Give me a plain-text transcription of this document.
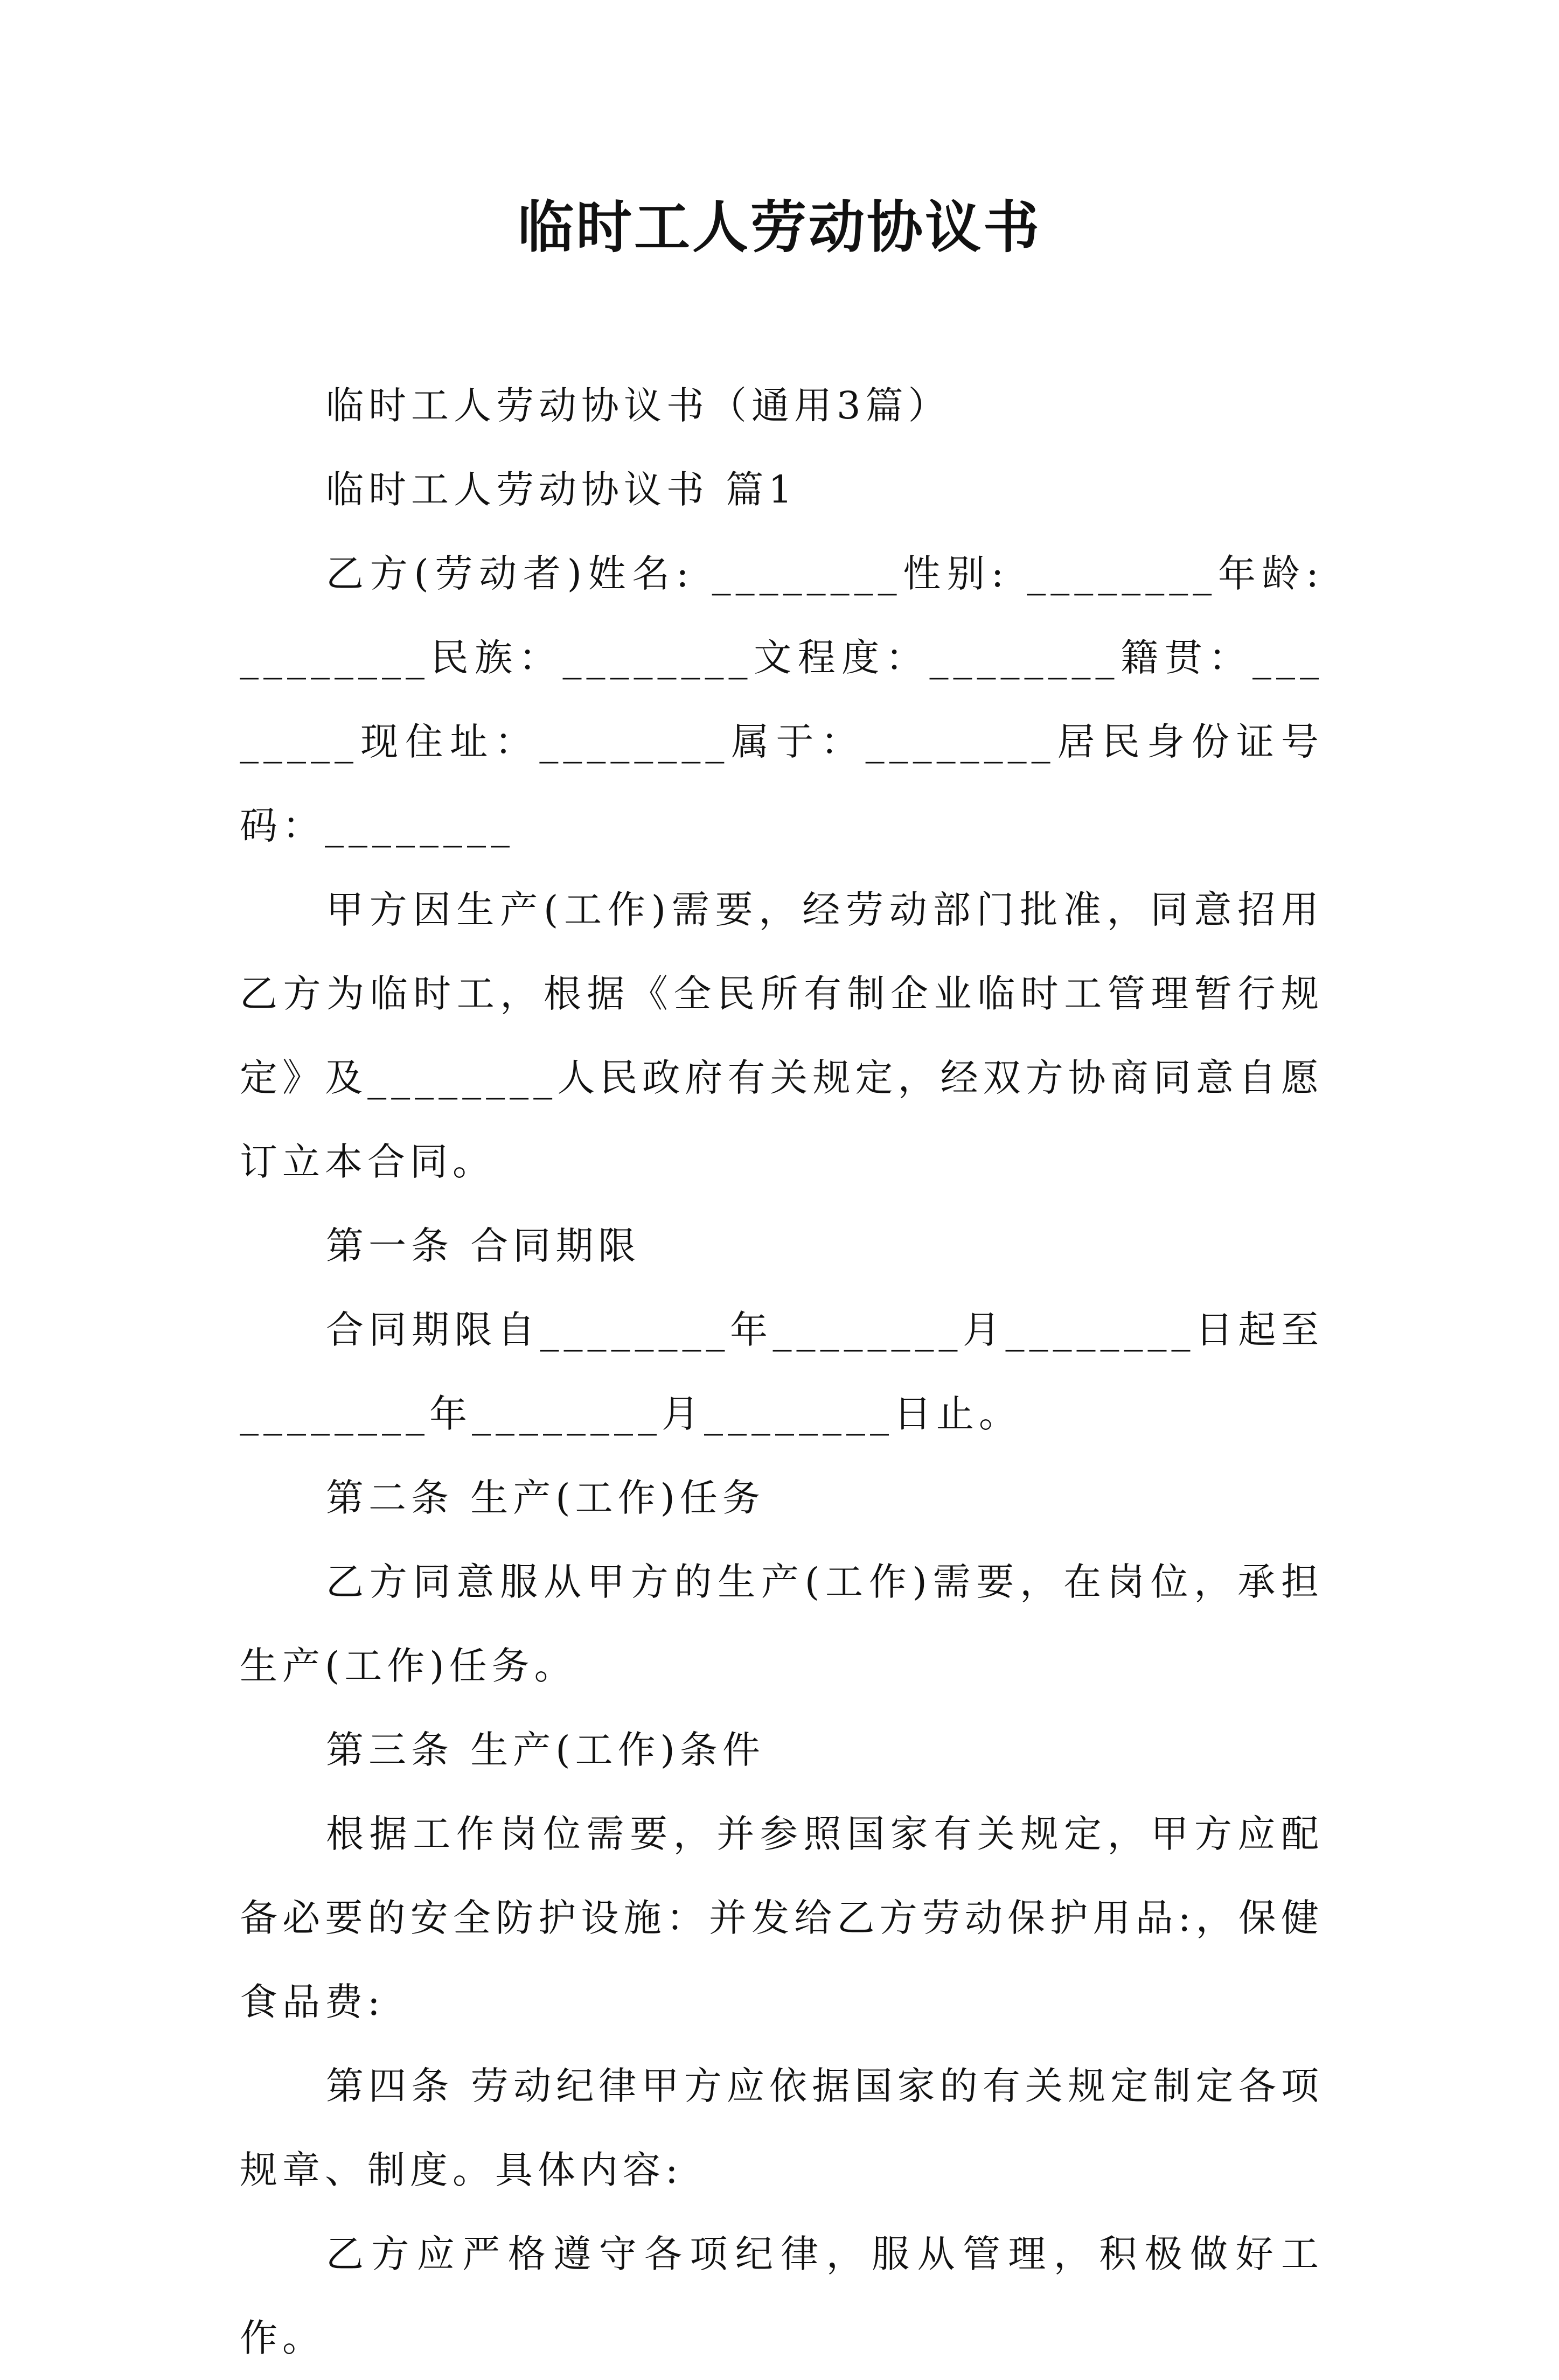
临时工人劳动协议书

临时工人劳动协议书（通用3篇）

临时工人劳动协议书 篇1

乙方(劳动者)姓名: ________性别: ________年龄: ________民族：________文程度：________籍贯：________现住址：________属于：________居民身份证号码：________

甲方因生产(工作)需要，经劳动部门批准，同意招用乙方为临时工，根据《全民所有制企业临时工管理暂行规定》及________人民政府有关规定，经双方协商同意自愿订立本合同。

第一条 合同期限

合同期限自________年________月________日起至________年________月________日止。

第二条 生产(工作)任务

乙方同意服从甲方的生产(工作)需要，在岗位，承担生产(工作)任务。

第三条 生产(工作)条件

根据工作岗位需要，并参照国家有关规定，甲方应配备必要的安全防护设施：并发给乙方劳动保护用品:，保健食品费:

第四条 劳动纪律甲方应依据国家的有关规定制定各项规章、制度。具体内容:

乙方应严格遵守各项纪律，服从管理，积极做好工作。
